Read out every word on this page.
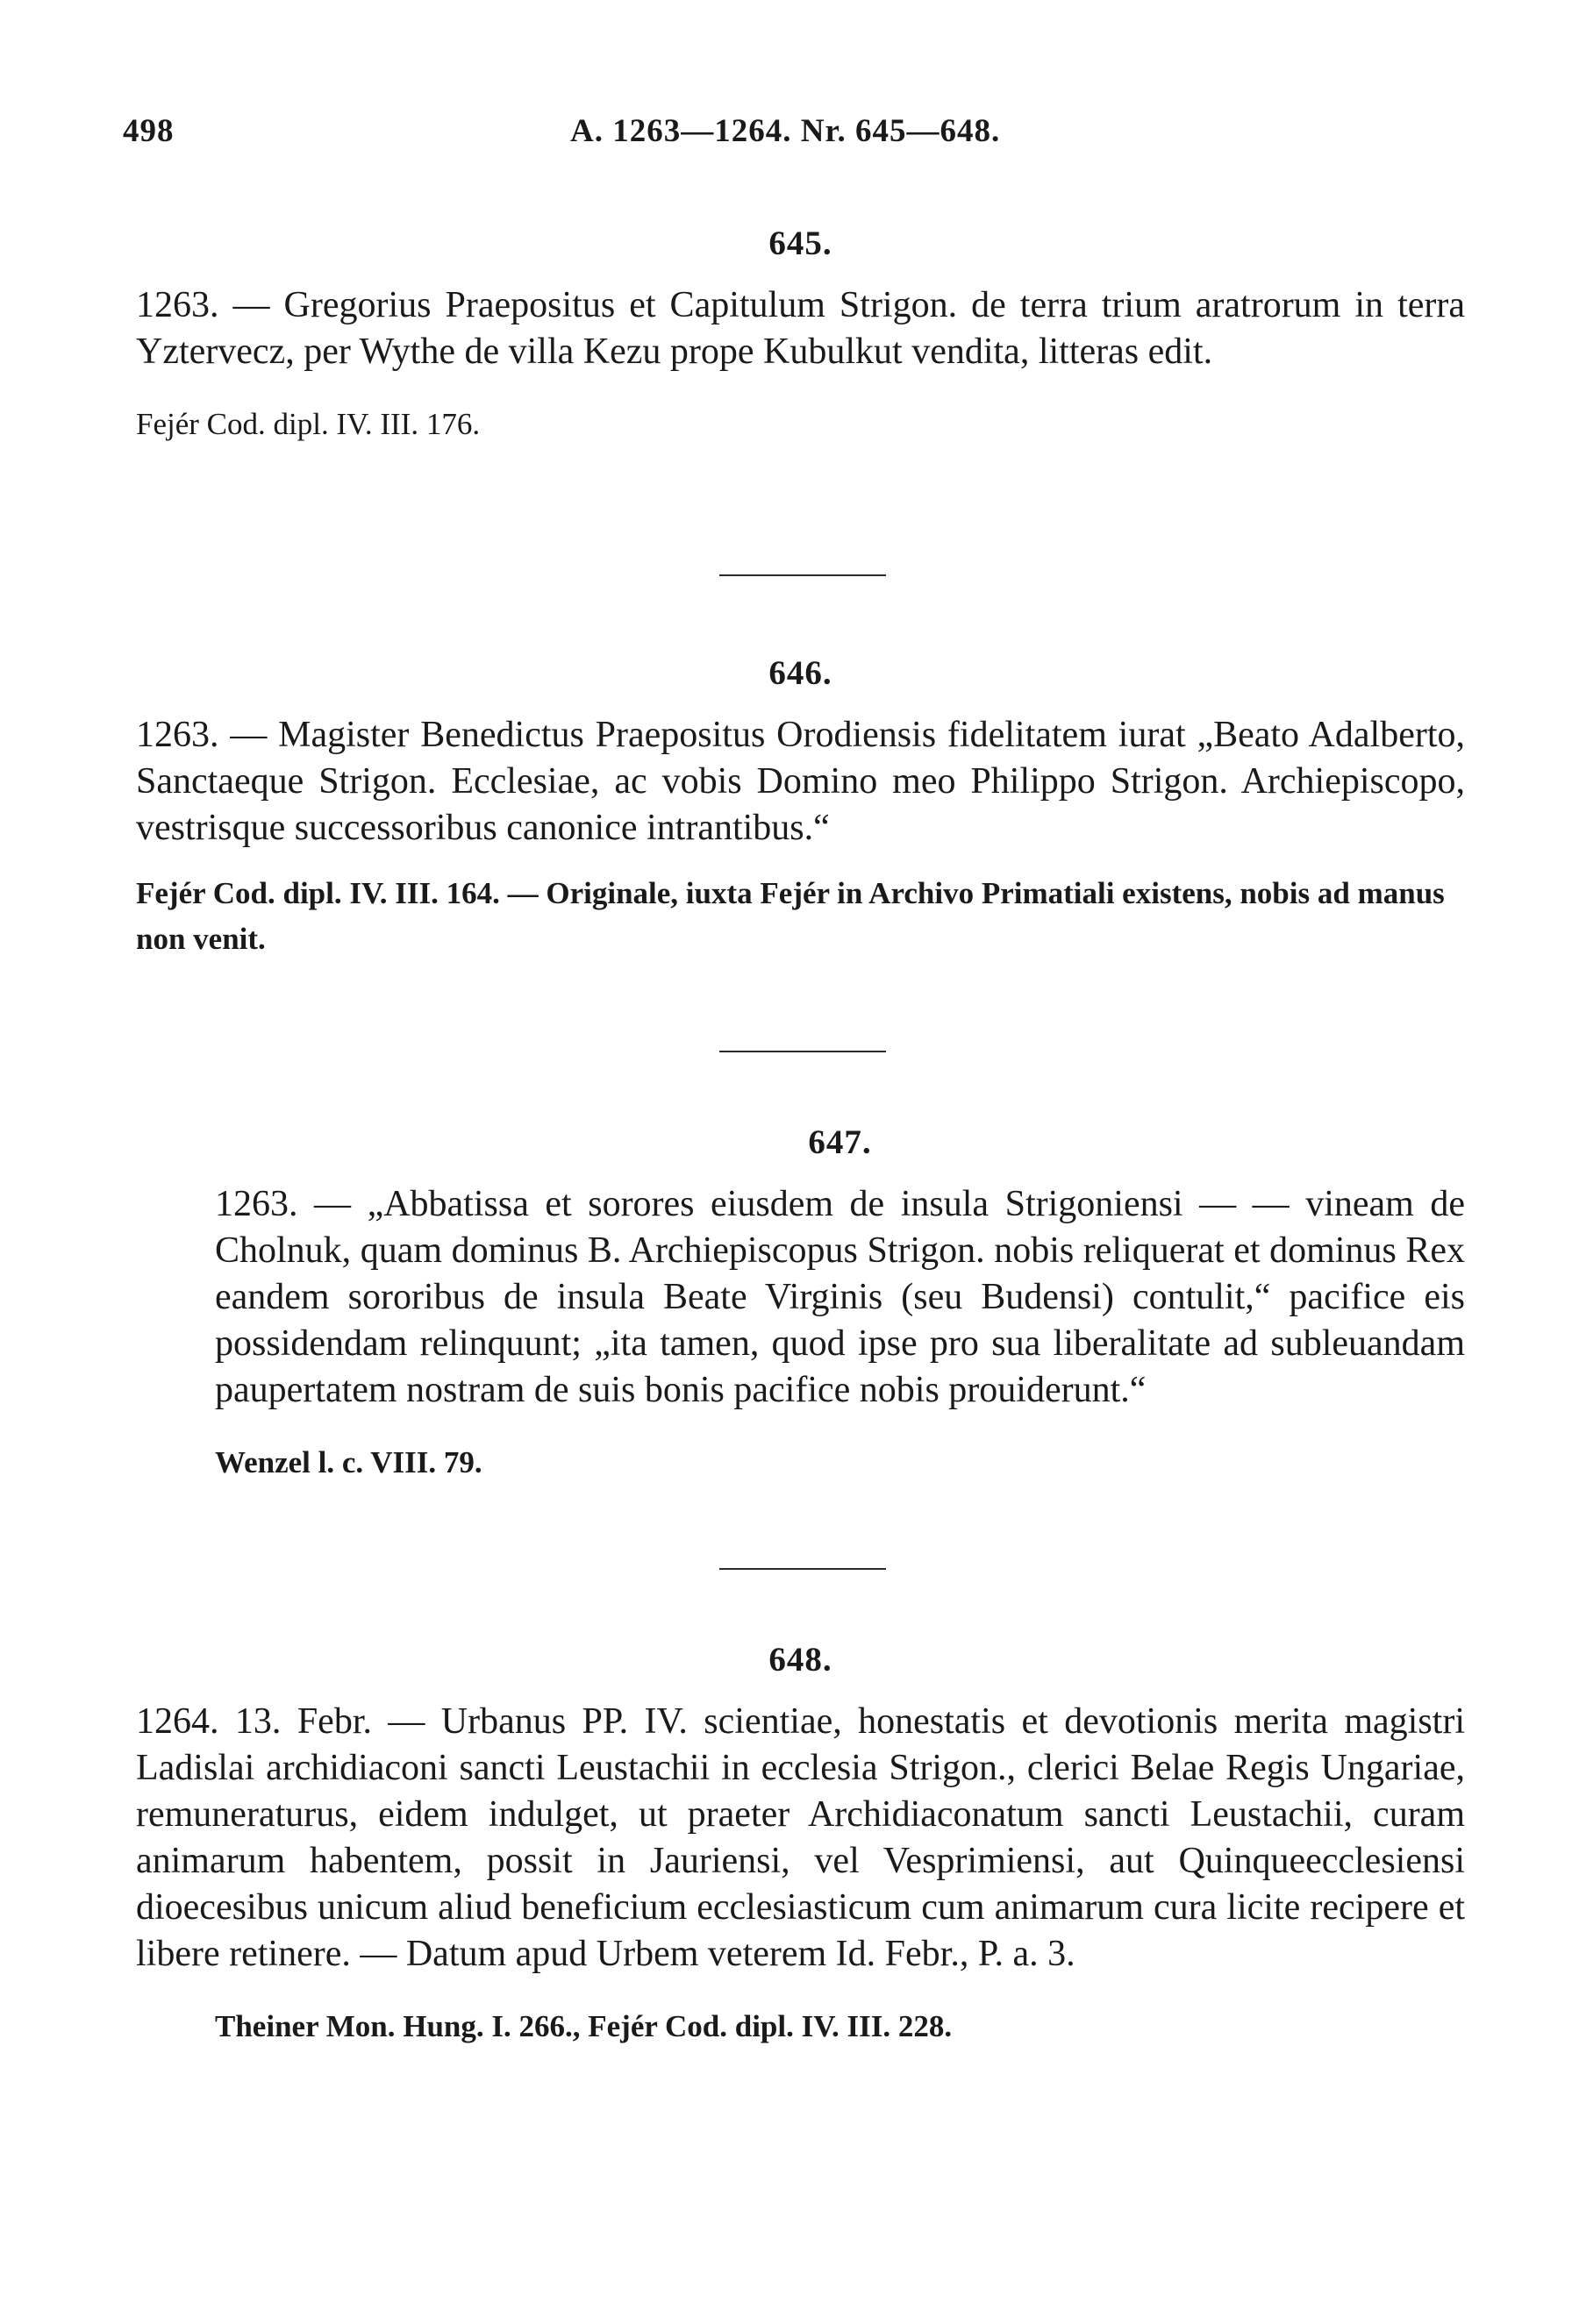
498	A. 1263—1264. Nr. 645—648.
645.

1263. — Gregorius Praepositus et Capitulum Strigon. de terra trium aratrorum in terra Yztervecz, per Wythe de villa Kezu prope Kubulkut vendita, litteras edit.

Fejér Cod. dipl. IV. III. 176.

646.

1263. — Magister Benedictus Praepositus Orodiensis fidelitatem iurat „Beato Adalberto, Sanctaeque Strigon. Ecclesiae, ac vobis Domino meo Philippo Strigon. Archiepiscopo, vestrisque successoribus canonice intrantibus.“

Fejér Cod. dipl. IV. III. 164. — Originale, iuxta Fejér in Archivo Primatiali existens, nobis ad manus non venit.

647.

1263. — „Abbatissa et sorores eiusdem de insula Strigoniensi — — vineam de Cholnuk, quam dominus B. Archiepiscopus Strigon. nobis reliquerat et dominus Rex eandem sororibus de insula Beate Virginis (seu Budensi) contulit,“ pacifice eis possidendam relinquunt; „ita tamen, quod ipse pro sua liberalitate ad subleuandam paupertatem nostram de suis bonis pacifice nobis prouiderunt.“

Wenzel l. c. VIII. 79.

648.

1264. 13. Febr. — Urbanus PP. IV. scientiae, honestatis et devotionis merita magistri Ladislai archidiaconi sancti Leustachii in ecclesia Strigon., clerici Belae Regis Ungariae, remuneraturus, eidem indulget, ut praeter Archidiaconatum sancti Leustachii, curam animarum habentem, possit in Jauriensi, vel Vesprimiensi, aut Quinqueecclesiensi dioecesibus unicum aliud beneficium ecclesiasticum cum animarum cura licite recipere et libere retinere. — Datum apud Urbem veterem Id. Febr., P. a. 3.

Theiner Mon. Hung. I. 266., Fejér Cod. dipl. IV. III. 228.
